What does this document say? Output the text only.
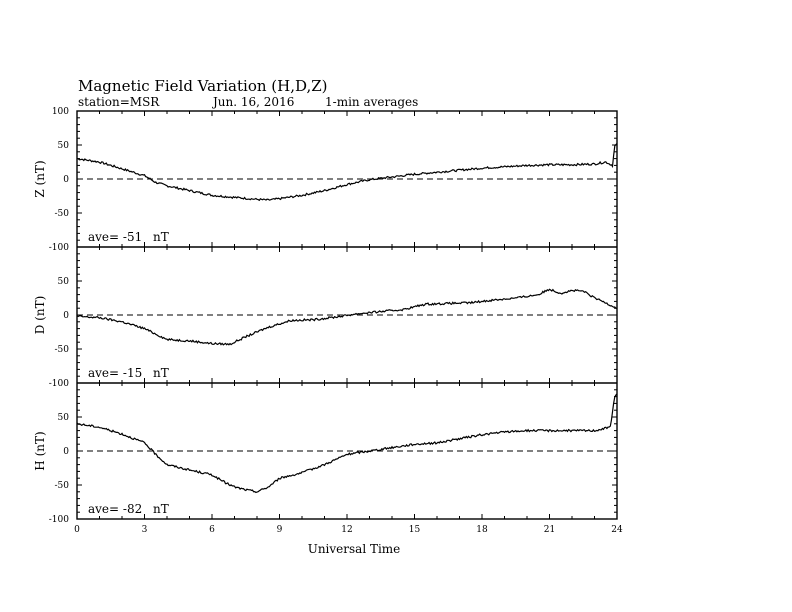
Magnetic Field Variation (H,D,Z)
station=MSR	Jun. 16, 2016	1-min averages
100
50
0
-50
-100
Z (nT)
ave= -51 nT
50
0
-50
-100
D (nT)
ave= -15 nT
50
0
-50
-100
H (nT)
ave= -82 nT
0	3	6	9	12	15	18	21	24
Universal Time
